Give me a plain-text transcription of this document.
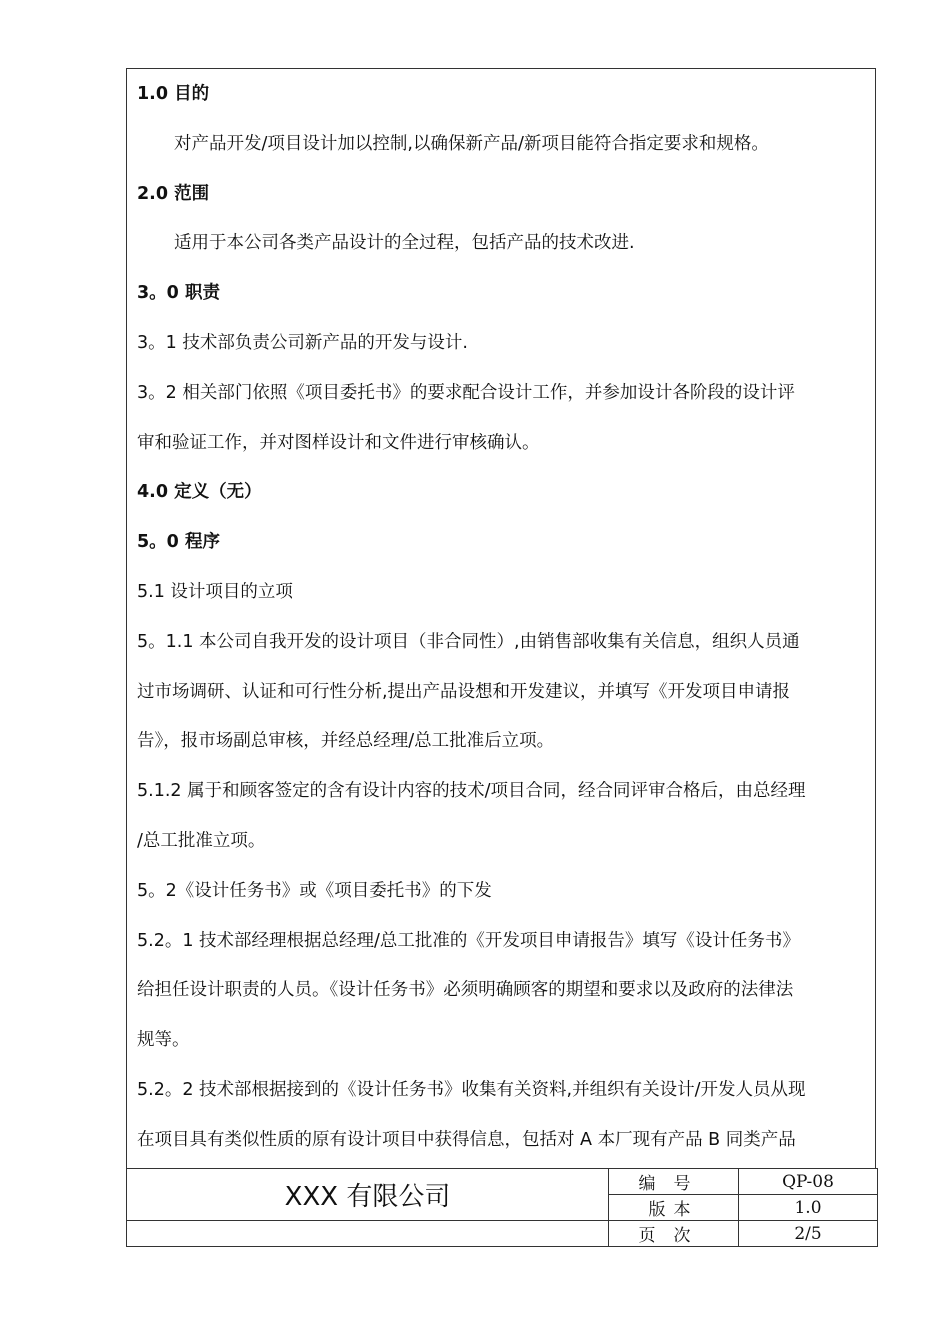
1.0 目的
对产品开发/项目设计加以控制,以确保新产品/新项目能符合指定要求和规格。
2.0 范围
适用于本公司各类产品设计的全过程，包括产品的技术改进.
3。0 职责
3。1 技术部负责公司新产品的开发与设计.
3。2 相关部门依照《项目委托书》的要求配合设计工作，并参加设计各阶段的设计评
审和验证工作，并对图样设计和文件进行审核确认。
4.0 定义（无）
5。0 程序
5.1 设计项目的立项
5。1.1 本公司自我开发的设计项目（非合同性）,由销售部收集有关信息，组织人员通
过市场调研、认证和可行性分析,提出产品设想和开发建议，并填写《开发项目申请报
告》，报市场副总审核，并经总经理/总工批准后立项。
5.1.2 属于和顾客签定的含有设计内容的技术/项目合同，经合同评审合格后，由总经理
/总工批准立项。
5。2《设计任务书》或《项目委托书》的下发
5.2。1 技术部经理根据总经理/总工批准的《开发项目申请报告》填写《设计任务书》
给担任设计职责的人员。《设计任务书》必须明确顾客的期望和要求以及政府的法律法
规等。
5.2。2 技术部根据接到的《设计任务书》收集有关资料,并组织有关设计/开发人员从现
在项目具有类似性质的原有设计项目中获得信息，包括对 A 本厂现有产品 B 同类产品
XXX 有限公司	编号	QP-08
	版本	1.0
	页次	2/5
